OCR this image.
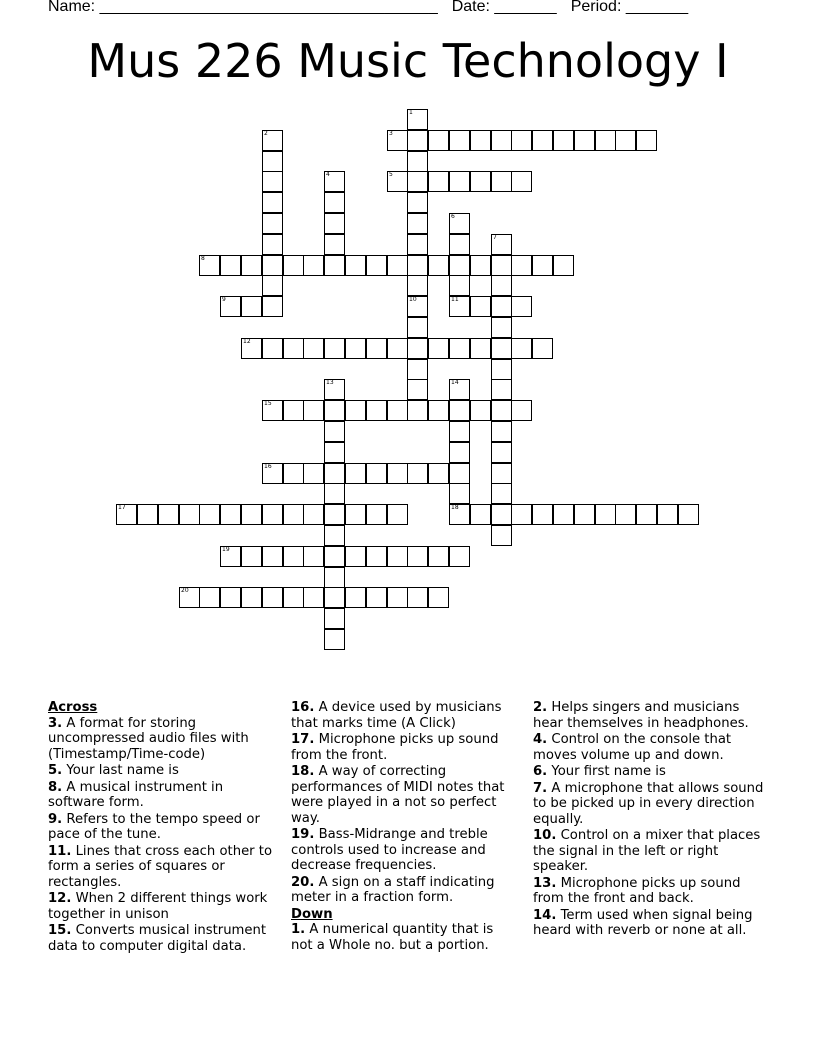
Name: ______________________________________ Date: _______ Period: _______
Mus 226 Music Technology I
3
5
8
9	11
12
15
16
17	18
19
20
1
10
2
4
6
7
13	14
Across
3. A format for storing uncompressed audio files with (Timestamp/Time-code)
5. Your last name is
8. A musical instrument in software form.
9. Refers to the tempo speed or pace of the tune.
11. Lines that cross each other to form a series of squares or rectangles.
12. When 2 different things work together in unison
15. Converts musical instrument data to computer digital data.
16. A device used by musicians that marks time (A Click)
17. Microphone picks up sound from the front.
18. A way of correcting performances of MIDI notes that were played in a not so perfect way.
19. Bass-Midrange and treble controls used to increase and decrease frequencies.
20. A sign on a staff indicating meter in a fraction form.
Down
1. A numerical quantity that is not a Whole no. but a portion.
2. Helps singers and musicians hear themselves in headphones.
4. Control on the console that moves volume up and down.
6. Your first name is
7. A microphone that allows sound to be picked up in every direction equally.
10. Control on a mixer that places the signal in the left or right speaker.
13. Microphone picks up sound from the front and back.
14. Term used when signal being heard with reverb or none at all.
